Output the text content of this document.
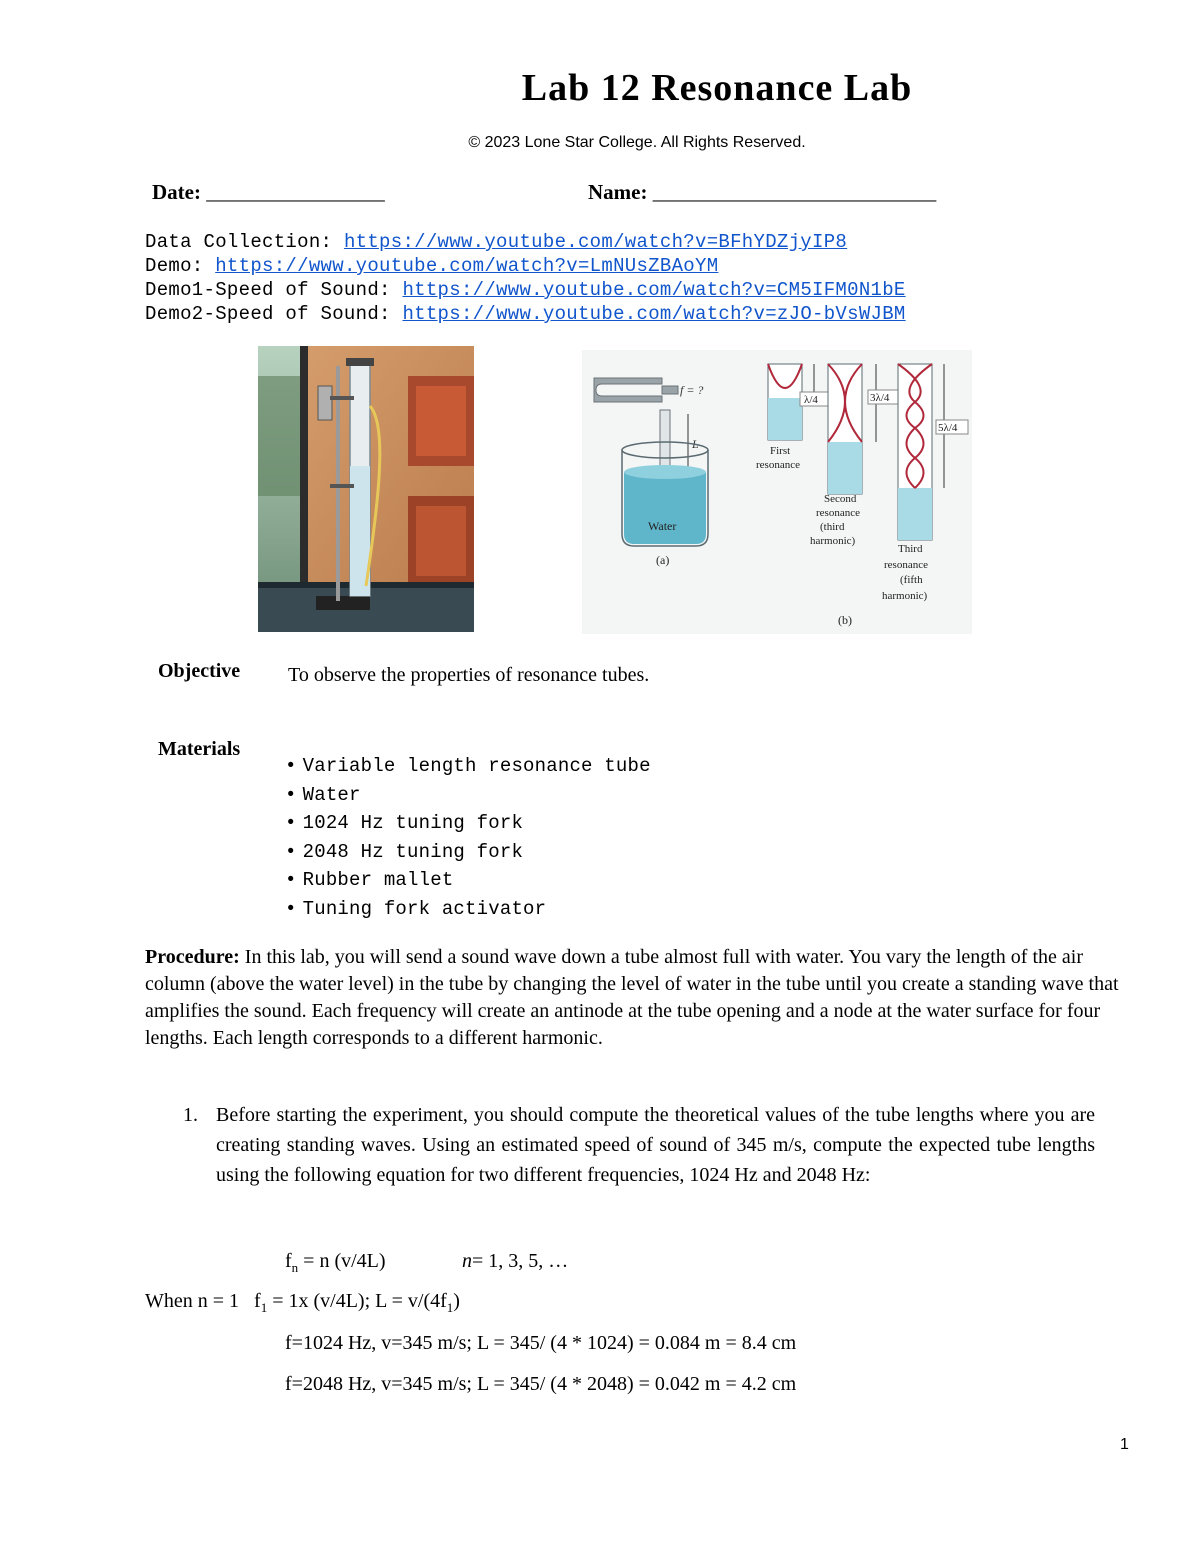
Lab 12 Resonance Lab
© 2023 Lone Star College. All Rights Reserved.
Date: _________________	Name: ___________________________
Data Collection: https://www.youtube.com/watch?v=BFhYDZjyIP8
Demo: https://www.youtube.com/watch?v=LmNUsZBAoYM
Demo1-Speed of Sound: https://www.youtube.com/watch?v=CM5IFM0N1bE
Demo2-Speed of Sound: https://www.youtube.com/watch?v=zJO-bVsWJBM
f = ?
L
Water
(a)
λ/4
First
resonance
3λ/4
Second
resonance
(third
harmonic)
5λ/4
Third
resonance
(fifth
harmonic)
(b)
Objective To observe the properties of resonance tubes.
Materials
• Variable length resonance tube
• Water
• 1024 Hz tuning fork
• 2048 Hz tuning fork
• Rubber mallet
• Tuning fork activator
Procedure: In this lab, you will send a sound wave down a tube almost full with water. You vary the length of the air column (above the water level) in the tube by changing the level of water in the tube until you create a standing wave that amplifies the sound. Each frequency will create an antinode at the tube opening and a node at the water surface for four lengths. Each length corresponds to a different harmonic.
1. Before starting the experiment, you should compute the theoretical values of the tube lengths where you are creating standing waves. Using an estimated speed of sound of 345 m/s, compute the expected tube lengths using the following equation for two different frequencies, 1024 Hz and 2048 Hz:
$f_n = n$ (v/4L)	n= 1, 3, 5, …
When n = 1 $f_1 = 1x$ (v/4L); $L = v/(4f_1)$
f=1024 Hz, v=345 m/s; L = 345/ (4 * 1024) = 0.084 m = 8.4 cm
f=2048 Hz, v=345 m/s; L = 345/ (4 * 2048) = 0.042 m = 4.2 cm
1
